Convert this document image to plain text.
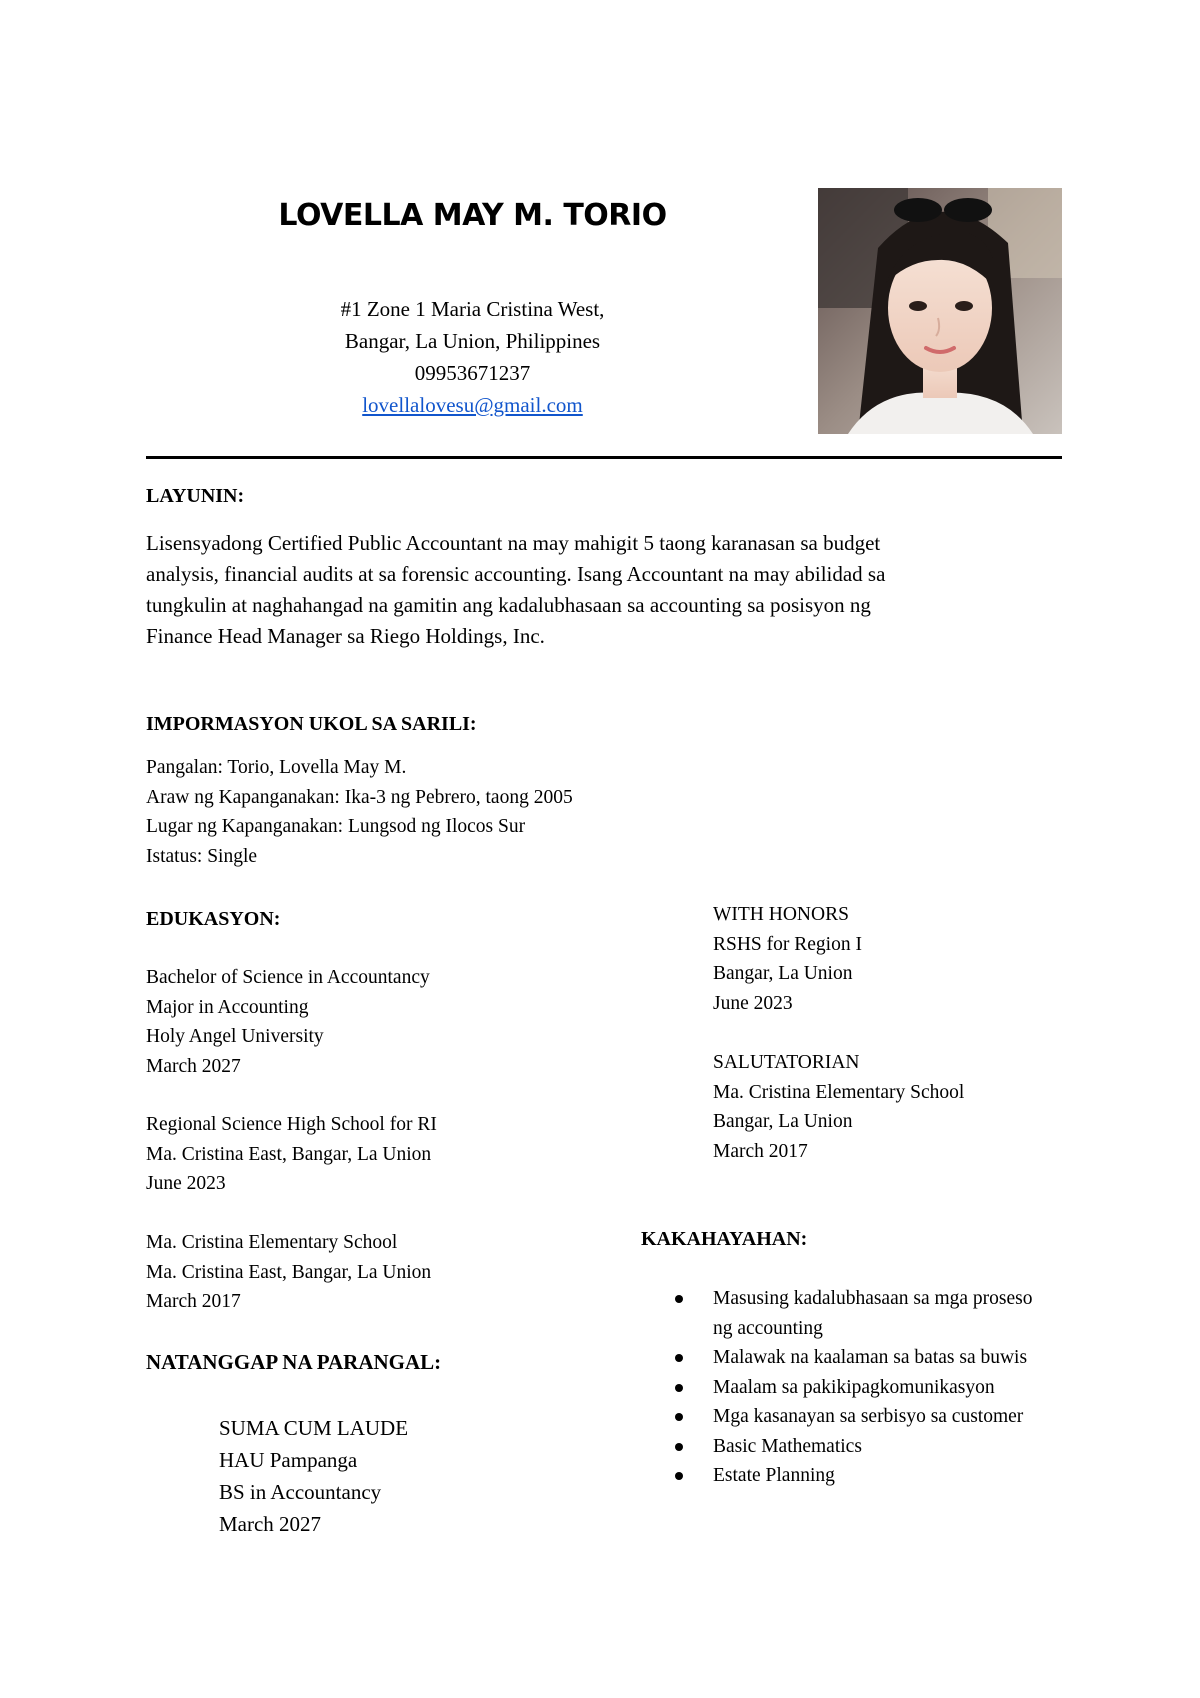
LOVELLA MAY M. TORIO
#1 Zone 1 Maria Cristina West,
Bangar, La Union, Philippines
09953671237
lovellalovesu@gmail.com
LAYUNIN:
Lisensyadong Certified Public Accountant na may mahigit 5 taong karanasan sa budget
analysis, financial audits at sa forensic accounting. Isang Accountant na may abilidad sa
tungkulin at naghahangad na gamitin ang kadalubhasaan sa accounting sa posisyon ng
Finance Head Manager sa Riego Holdings, Inc.
IMPORMASYON UKOL SA SARILI:
Pangalan: Torio, Lovella May M.
Araw ng Kapanganakan: Ika-3 ng Pebrero, taong 2005
Lugar ng Kapanganakan: Lungsod ng Ilocos Sur
Istatus: Single
EDUKASYON:
Bachelor of Science in Accountancy
Major in Accounting
Holy Angel University
March 2027
Regional Science High School for RI
Ma. Cristina East, Bangar, La Union
June 2023
Ma. Cristina Elementary School
Ma. Cristina East, Bangar, La Union
March 2017
NATANGGAP NA PARANGAL:
SUMA CUM LAUDE
HAU Pampanga
BS in Accountancy
March 2027
WITH HONORS
RSHS for Region I
Bangar, La Union
June 2023
SALUTATORIAN
Ma. Cristina Elementary School
Bangar, La Union
March 2017
KAKAHAYAHAN:
Masusing kadalubhasaan sa mga proseso ng accounting
Malawak na kaalaman sa batas sa buwis
Maalam sa pakikipagkomunikasyon
Mga kasanayan sa serbisyo sa customer
Basic Mathematics
Estate Planning
